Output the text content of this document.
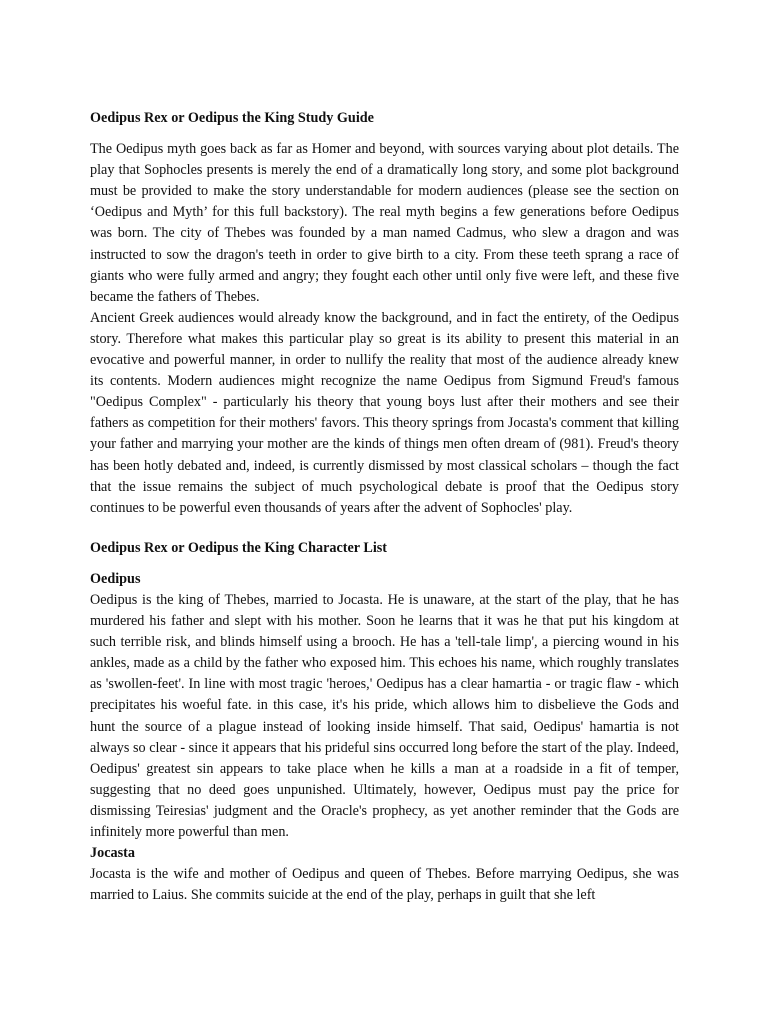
Oedipus Rex or Oedipus the King Study Guide

The Oedipus myth goes back as far as Homer and beyond, with sources varying about plot details. The play that Sophocles presents is merely the end of a dramatically long story, and some plot background must be provided to make the story understandable for modern audiences (please see the section on ‘Oedipus and Myth’ for this full backstory). The real myth begins a few generations before Oedipus was born. The city of Thebes was founded by a man named Cadmus, who slew a dragon and was instructed to sow the dragon's teeth in order to give birth to a city. From these teeth sprang a race of giants who were fully armed and angry; they fought each other until only five were left, and these five became the fathers of Thebes.

Ancient Greek audiences would already know the background, and in fact the entirety, of the Oedipus story. Therefore what makes this particular play so great is its ability to present this material in an evocative and powerful manner, in order to nullify the reality that most of the audience already knew its contents. Modern audiences might recognize the name Oedipus from Sigmund Freud's famous "Oedipus Complex" - particularly his theory that young boys lust after their mothers and see their fathers as competition for their mothers' favors. This theory springs from Jocasta's comment that killing your father and marrying your mother are the kinds of things men often dream of (981). Freud's theory has been hotly debated and, indeed, is currently dismissed by most classical scholars – though the fact that the issue remains the subject of much psychological debate is proof that the Oedipus story continues to be powerful even thousands of years after the advent of Sophocles' play.

Oedipus Rex or Oedipus the King Character List
Oedipus

Oedipus is the king of Thebes, married to Jocasta. He is unaware, at the start of the play, that he has murdered his father and slept with his mother. Soon he learns that it was he that put his kingdom at such terrible risk, and blinds himself using a brooch. He has a 'tell-tale limp', a piercing wound in his ankles, made as a child by the father who exposed him. This echoes his name, which roughly translates as 'swollen-feet'. In line with most tragic 'heroes,' Oedipus has a clear hamartia - or tragic flaw - which precipitates his woeful fate. in this case, it's his pride, which allows him to disbelieve the Gods and hunt the source of a plague instead of looking inside himself. That said, Oedipus' hamartia is not always so clear - since it appears that his prideful sins occurred long before the start of the play. Indeed, Oedipus' greatest sin appears to take place when he kills a man at a roadside in a fit of temper, suggesting that no deed goes unpunished. Ultimately, however, Oedipus must pay the price for dismissing Teiresias' judgment and the Oracle's prophecy, as yet another reminder that the Gods are infinitely more powerful than men.

Jocasta

Jocasta is the wife and mother of Oedipus and queen of Thebes. Before marrying Oedipus, she was married to Laius. She commits suicide at the end of the play, perhaps in guilt that she left
